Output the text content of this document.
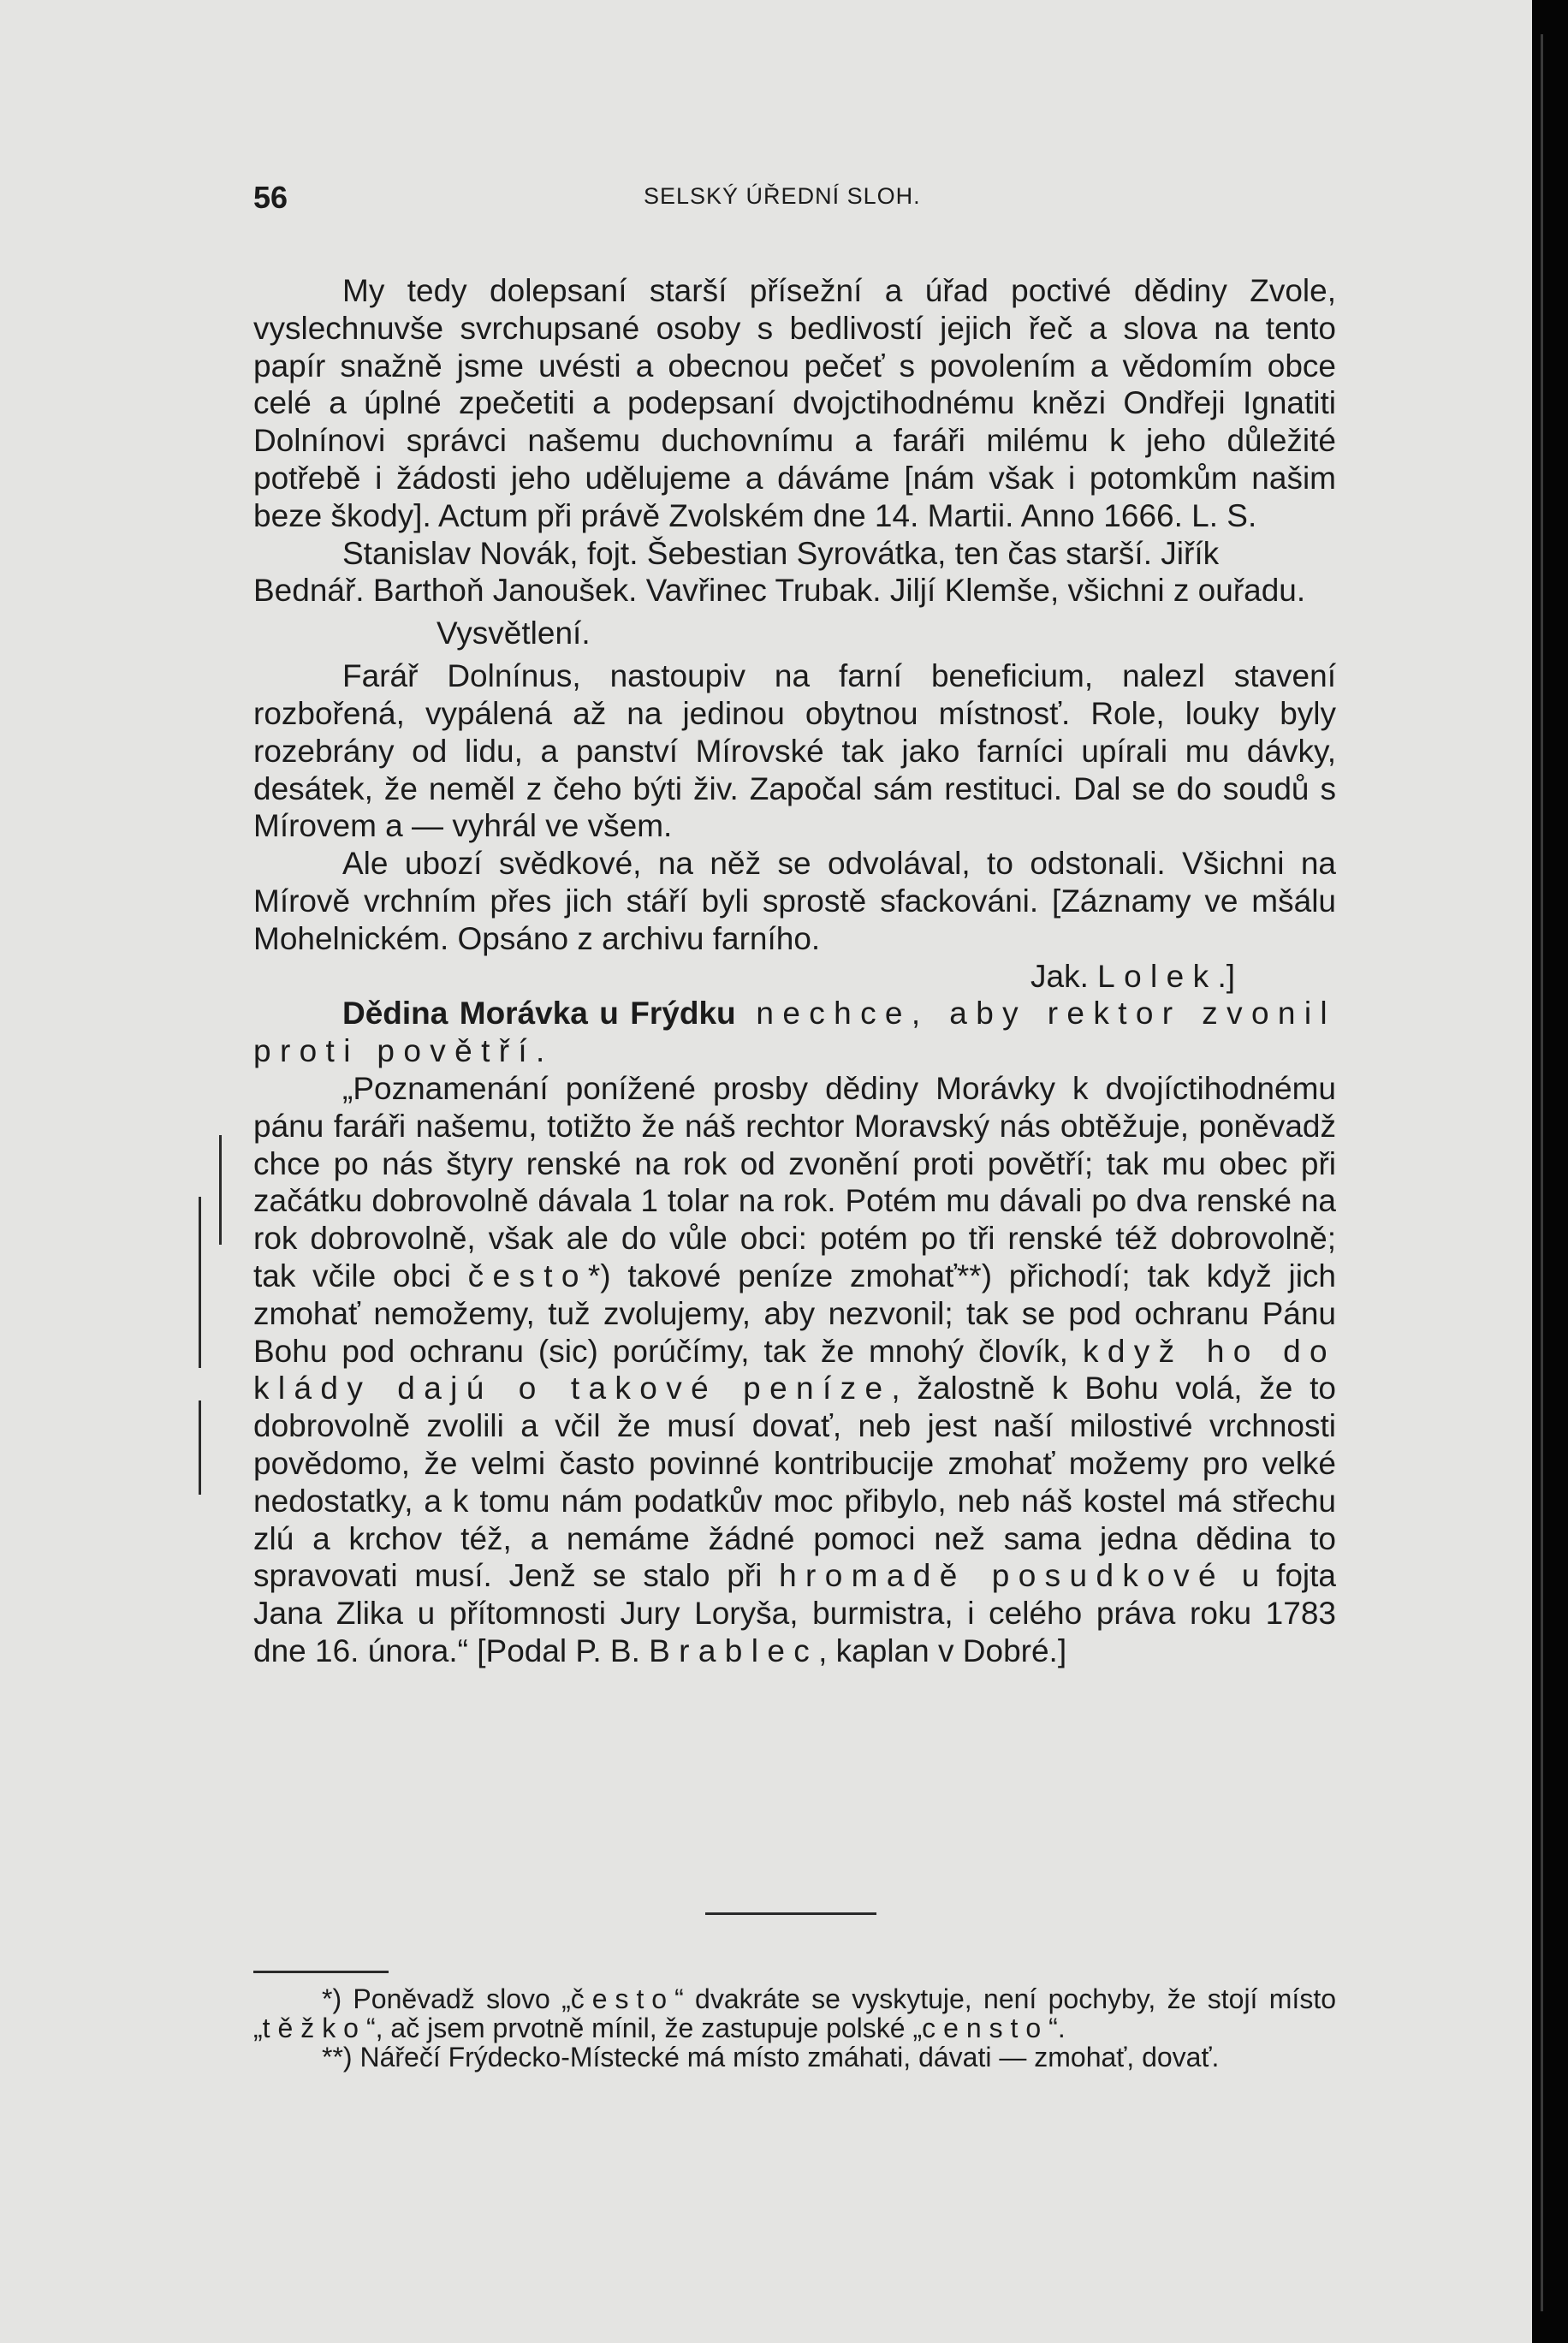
56	SELSKÝ ÚŘEDNÍ SLOH.

My tedy dolepsaní starší přísežní a úřad poctivé dědiny Zvole, vyslechnuvše svrchupsané osoby s bedlivostí jejich řeč a slova na tento papír snažně jsme uvésti a obecnou pečeť s povolením a vědomím obce celé a úplné zpečetiti a podepsaní dvojctihodnému knězi Ondřeji Ignatiti Dolnínovi správci našemu duchovnímu a faráři milému k jeho důležité potřebě i žádosti jeho udělujeme a dáváme [nám však i potomkům našim beze škody]. Actum při právě Zvolském dne 14. Martii. Anno 1666. L. S.

Stanislav Novák, fojt. Šebestian Syrovátka, ten čas starší. Jiřík Bednář. Barthoň Janoušek. Vavřinec Trubak. Jiljí Klemše, všichni z ouřadu.

Vysvětlení.

Farář Dolnínus, nastoupiv na farní beneficium, nalezl stavení rozbořená, vypálená až na jedinou obytnou místnosť. Role, louky byly rozebrány od lidu, a panství Mírovské tak jako farníci upírali mu dávky, desátek, že neměl z čeho býti živ. Započal sám restituci. Dal se do soudů s Mírovem a — vyhrál ve všem.

Ale ubozí svědkové, na něž se odvolával, to odstonali. Všichni na Mírově vrchním přes jich stáří byli sprostě sfackováni. [Záznamy ve mšálu Mohelnickém. Opsáno z archivu farního.

Jak. Lolek.]

Dědina Morávka u Frýdku nechce, aby rektor zvonil proti povětří.

„Poznamenání ponížené prosby dědiny Morávky k dvojíctihodnému pánu faráři našemu, totižto že náš rechtor Moravský nás obtěžuje, poněvadž chce po nás štyry renské na rok od zvonění proti povětří; tak mu obec při začátku dobrovolně dávala 1 tolar na rok. Potém mu dávali po dva renské na rok dobrovolně, však ale do vůle obci: potém po tři renské též dobrovolně; tak včile obci često*) takové peníze zmohať**) přichodí; tak když jich zmohať nemožemy, tuž zvolujemy, aby nezvonil; tak se pod ochranu Pánu Bohu pod ochranu (sic) porúčímy, tak že mnohý človík, když ho do klády dajú o takové peníze, žalostně k Bohu volá, že to dobrovolně zvolili a včil že musí dovať, neb jest naší milostivé vrchnosti povědomo, že velmi často povinné kontribucije zmohať možemy pro velké nedostatky, a k tomu nám podatkův moc přibylo, neb náš kostel má střechu zlú a krchov též, a nemáme žádné pomoci než sama jedna dědina to spravovati musí. Jenž se stalo při hromadě posudkové u fojta Jana Zlika u přítomnosti Jury Loryša, burmistra, i celého práva roku 1783 dne 16. února.“ [Podal P. B. Brablec, kaplan v Dobré.]

*) Poněvadž slovo „često“ dvakráte se vyskytuje, není pochyby, že stojí místo „těžko“, ač jsem prvotně mínil, že zastupuje polské „censto“.

**) Nářečí Frýdecko-Místecké má místo zmáhati, dávati — zmohať, dovať.
